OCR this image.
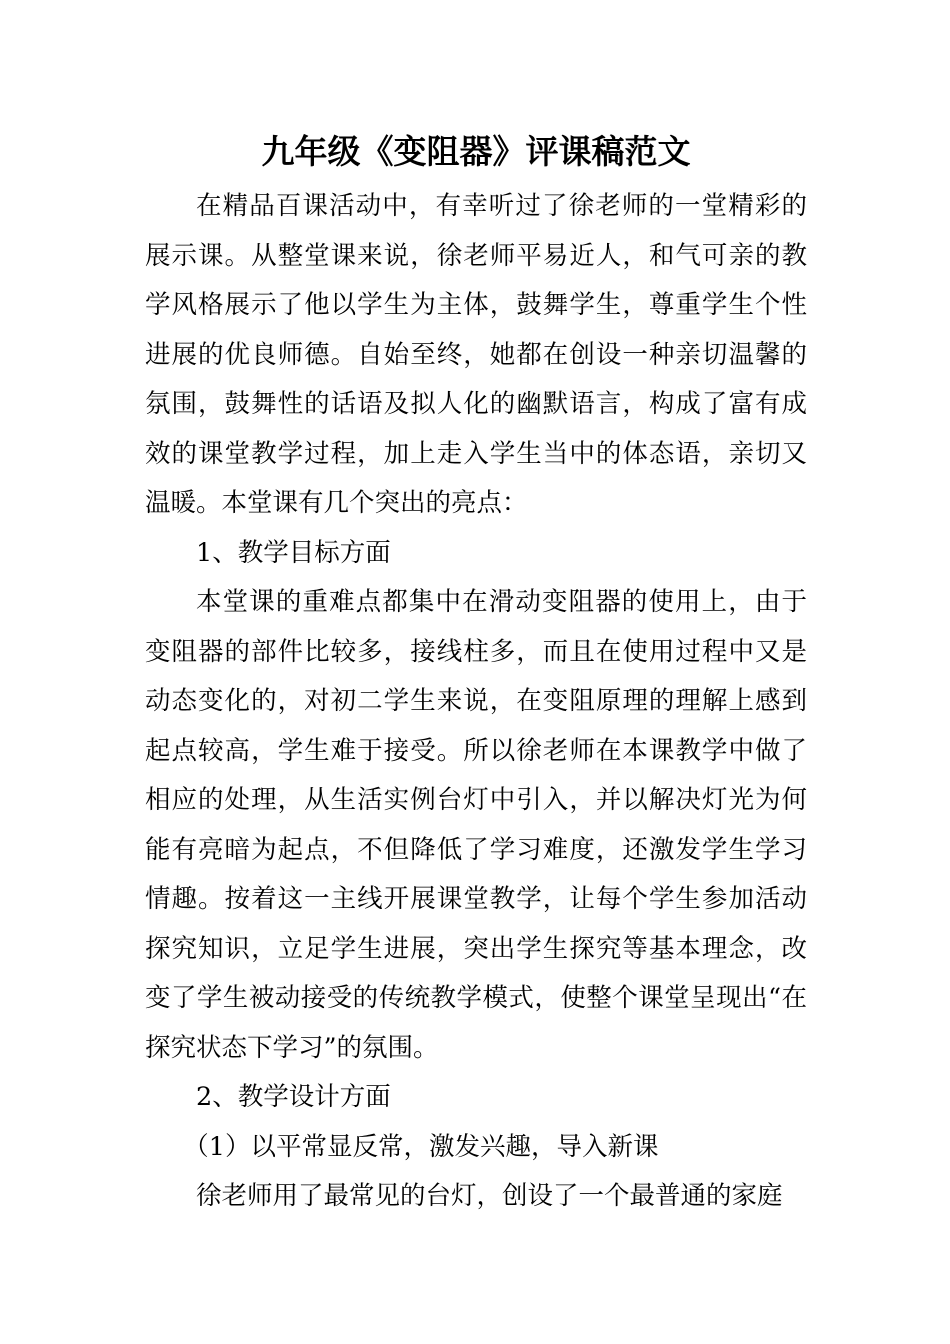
九年级《变阻器》评课稿范文

在精品百课活动中，有幸听过了徐老师的一堂精彩的展示课。从整堂课来说，徐老师平易近人，和气可亲的教学风格展示了他以学生为主体，鼓舞学生，尊重学生个性进展的优良师德。自始至终，她都在创设一种亲切温馨的氛围，鼓舞性的话语及拟人化的幽默语言，构成了富有成效的课堂教学过程，加上走入学生当中的体态语，亲切又温暖。本堂课有几个突出的亮点：

1、教学目标方面

本堂课的重难点都集中在滑动变阻器的使用上，由于变阻器的部件比较多，接线柱多，而且在使用过程中又是动态变化的，对初二学生来说，在变阻原理的理解上感到起点较高，学生难于接受。所以徐老师在本课教学中做了相应的处理，从生活实例台灯中引入，并以解决灯光为何能有亮暗为起点，不但降低了学习难度，还激发学生学习情趣。按着这一主线开展课堂教学，让每个学生参加活动探究知识，立足学生进展，突出学生探究等基本理念，改变了学生被动接受的传统教学模式，使整个课堂呈现出“在探究状态下学习”的氛围。

2、教学设计方面

（1）以平常显反常，激发兴趣，导入新课

徐老师用了最常见的台灯，创设了一个最普通的家庭
